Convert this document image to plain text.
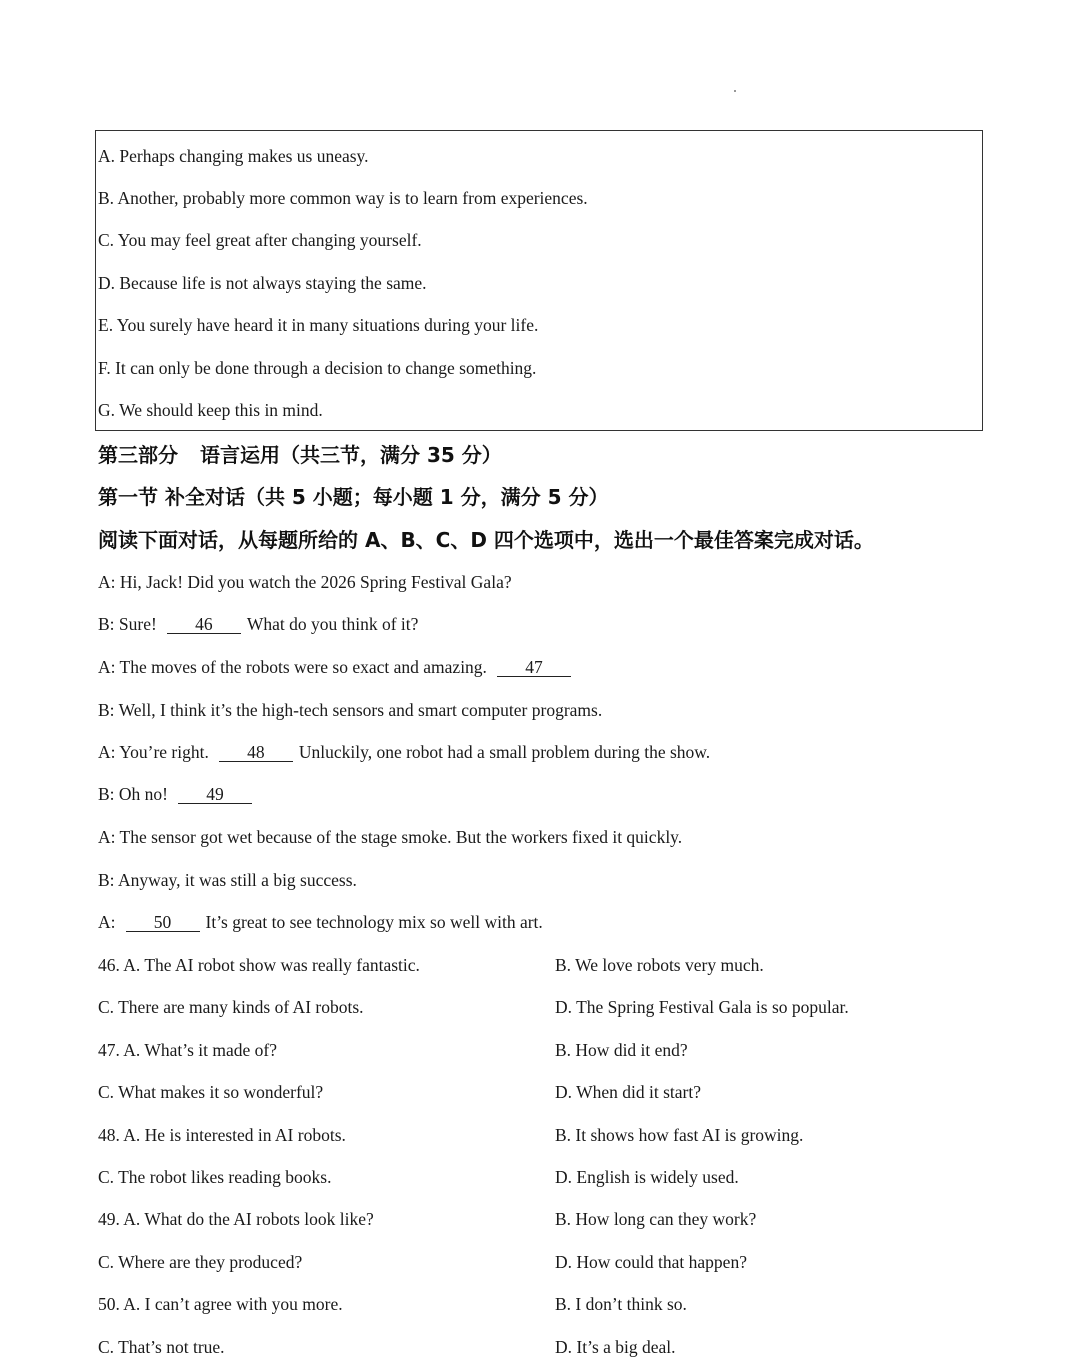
A. Perhaps changing makes us uneasy.
B. Another, probably more common way is to learn from experiences.
C. You may feel great after changing yourself.
D. Because life is not always staying the same.
E. You surely have heard it in many situations during your life.
F. It can only be done through a decision to change something.
G. We should keep this in mind.
第三部分 语言运用（共三节，满分 35 分）
第一节 补全对话（共 5 小题；每小题 1 分，满分 5 分）
阅读下面对话，从每题所给的 A、B、C、D 四个选项中，选出一个最佳答案完成对话。
A: Hi, Jack! Did you watch the 2026 Spring Festival Gala?
B: Sure! 46 What do you think of it?
A: The moves of the robots were so exact and amazing. 47
B: Well, I think it’s the high-tech sensors and smart computer programs.
A: You’re right. 48 Unluckily, one robot had a small problem during the show.
B: Oh no! 49
A: The sensor got wet because of the stage smoke. But the workers fixed it quickly.
B: Anyway, it was still a big success.
A: 50 It’s great to see technology mix so well with art.
46. A. The AI robot show was really fantastic.	B. We love robots very much.
C. There are many kinds of AI robots.	D. The Spring Festival Gala is so popular.
47. A. What’s it made of?	B. How did it end?
C. What makes it so wonderful?	D. When did it start?
48. A. He is interested in AI robots.	B. It shows how fast AI is growing.
C. The robot likes reading books.	D. English is widely used.
49. A. What do the AI robots look like?	B. How long can they work?
C. Where are they produced?	D. How could that happen?
50. A. I can’t agree with you more.	B. I don’t think so.
C. That’s not true.	D. It’s a big deal.
